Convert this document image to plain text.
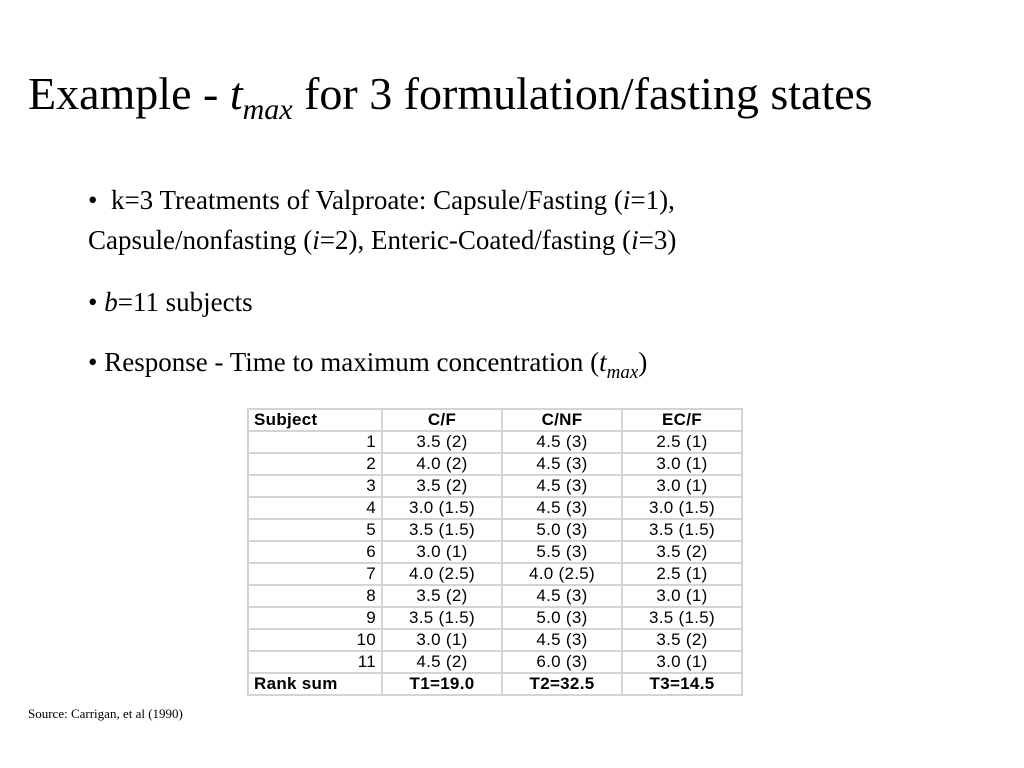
Example - $t_{max}$ for 3 formulation/fasting states

• k=3 Treatments of Valproate: Capsule/Fasting (i=1),
Capsule/nonfasting (i=2), Enteric-Coated/fasting (i=3)

• b=11 subjects

• Response - Time to maximum concentration $(t_{max})$

Subject	C/F	C/NF	EC/F
1	3.5 (2)	4.5 (3)	2.5 (1)
2	4.0 (2)	4.5 (3)	3.0 (1)
3	3.5 (2)	4.5 (3)	3.0 (1)
4	3.0 (1.5)	4.5 (3)	3.0 (1.5)
5	3.5 (1.5)	5.0 (3)	3.5 (1.5)
6	3.0 (1)	5.5 (3)	3.5 (2)
7	4.0 (2.5)	4.0 (2.5)	2.5 (1)
8	3.5 (2)	4.5 (3)	3.0 (1)
9	3.5 (1.5)	5.0 (3)	3.5 (1.5)
10	3.0 (1)	4.5 (3)	3.5 (2)
11	4.5 (2)	6.0 (3)	3.0 (1)
Rank sum	T1=19.0	T2=32.5	T3=14.5

Source: Carrigan, et al (1990)
